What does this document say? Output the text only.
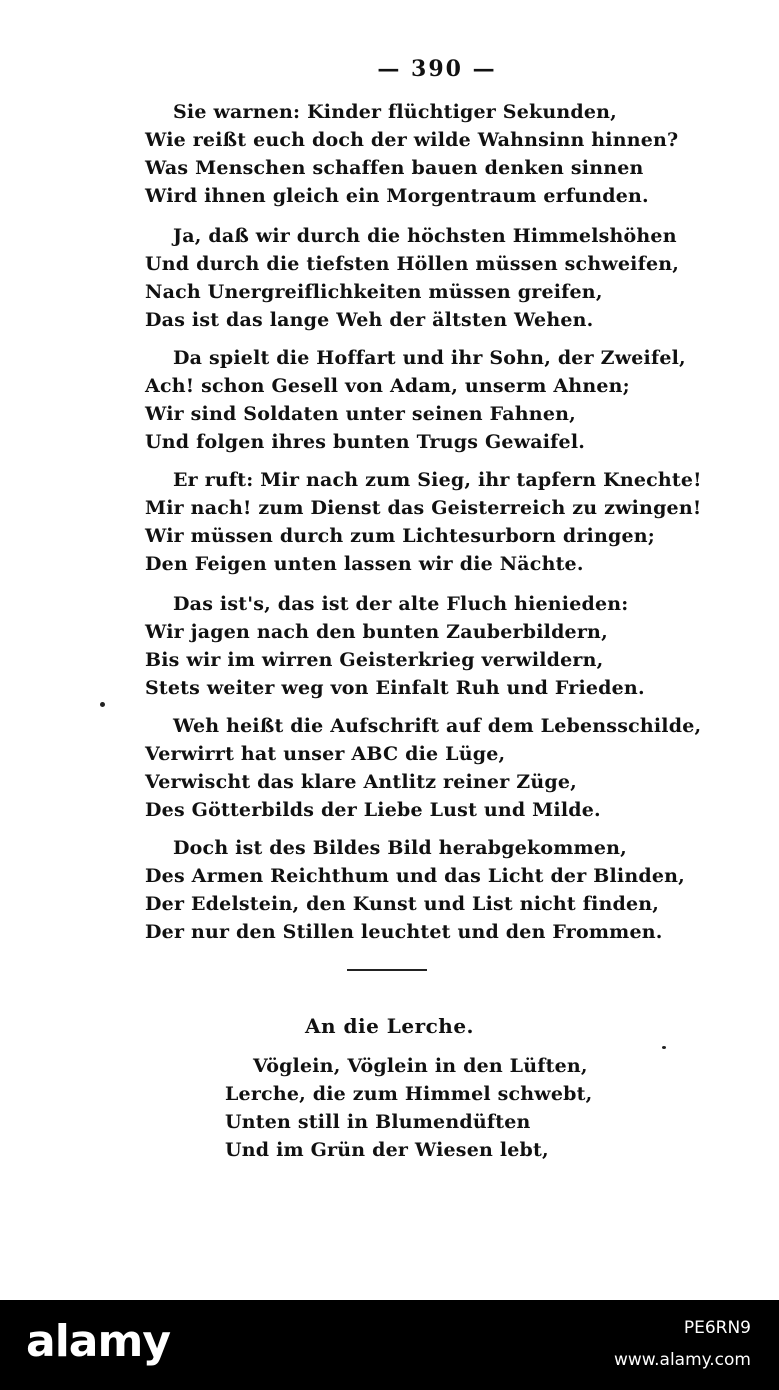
— 390 —
Sie warnen: Kinder flüchtiger Sekunden,
Wie reißt euch doch der wilde Wahnsinn hinnen?
Was Menschen schaffen bauen denken sinnen
Wird ihnen gleich ein Morgentraum erfunden.
Ja, daß wir durch die höchsten Himmelshöhen
Und durch die tiefsten Höllen müssen schweifen,
Nach Unergreiflichkeiten müssen greifen,
Das ist das lange Weh der ältsten Wehen.
Da spielt die Hoffart und ihr Sohn, der Zweifel,
Ach! schon Gesell von Adam, unserm Ahnen;
Wir sind Soldaten unter seinen Fahnen,
Und folgen ihres bunten Trugs Gewaifel.
Er ruft: Mir nach zum Sieg, ihr tapfern Knechte!
Mir nach! zum Dienst das Geisterreich zu zwingen!
Wir müssen durch zum Lichtesurborn dringen;
Den Feigen unten lassen wir die Nächte.
Das ist's, das ist der alte Fluch hienieden:
Wir jagen nach den bunten Zauberbildern,
Bis wir im wirren Geisterkrieg verwildern,
Stets weiter weg von Einfalt Ruh und Frieden.
Weh heißt die Aufschrift auf dem Lebensschilde,
Verwirrt hat unser ABC die Lüge,
Verwischt das klare Antlitz reiner Züge,
Des Götterbilds der Liebe Lust und Milde.
Doch ist des Bildes Bild herabgekommen,
Des Armen Reichthum und das Licht der Blinden,
Der Edelstein, den Kunst und List nicht finden,
Der nur den Stillen leuchtet und den Frommen.
An die Lerche.
Vöglein, Vöglein in den Lüften,
Lerche, die zum Himmel schwebt,
Unten still in Blumendüften
Und im Grün der Wiesen lebt,
alamy	PE6RN9
www.alamy.com
